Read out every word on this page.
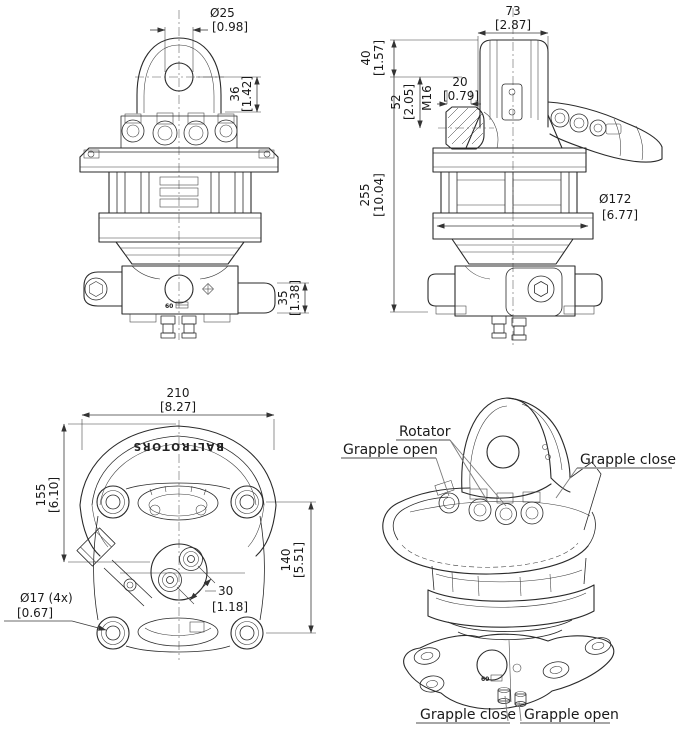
60
Ø25
[0.98]
36
[1.42]
35
[1.38]
73
[2.87]
40 [1.57]
255 [10.04]
52 [2.05] M16
20
[0.79]
Ø172
[6.77]
BALTROTORS
210
[8.27]
155 [6.10]
140 [5.51]
30
[1.18]
Ø17 (4x)
[0.67]
60
Rotator
Grapple open
Grapple close
Grapple close Grapple open
